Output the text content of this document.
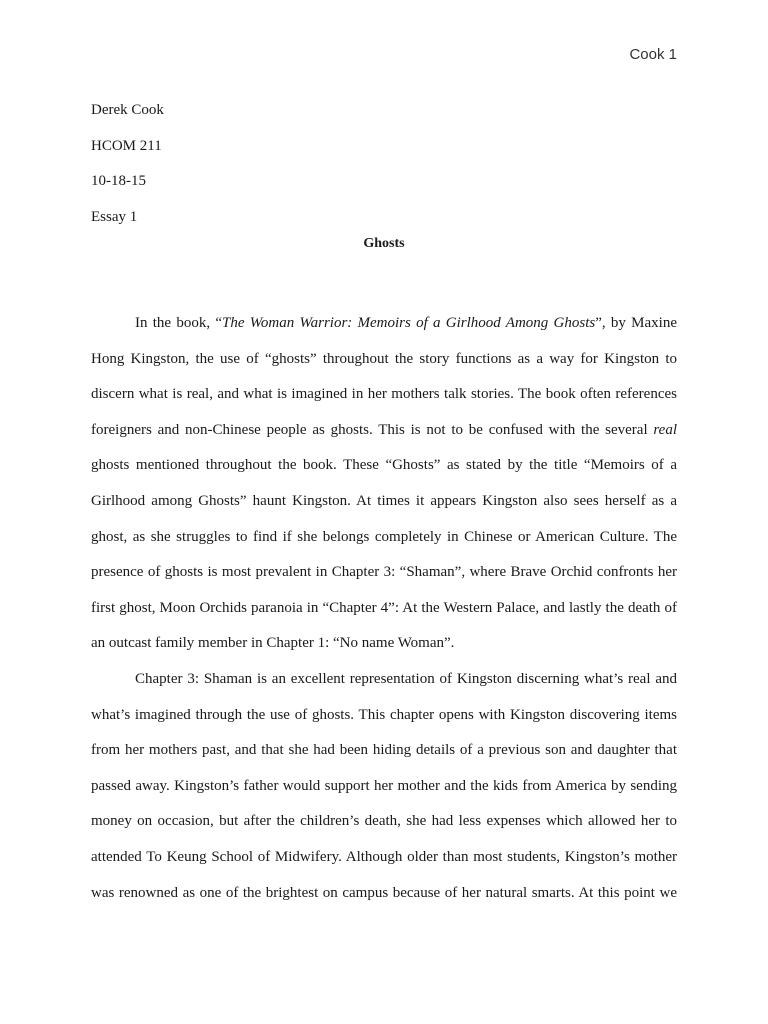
Cook 1
Derek Cook
HCOM 211
10-18-15
Essay 1
Ghosts
In the book, “The Woman Warrior: Memoirs of a Girlhood Among Ghosts”, by Maxine
Hong Kingston, the use of “ghosts” throughout the story functions as a way for Kingston to
discern what is real, and what is imagined in her mothers talk stories. The book often references
foreigners and non-Chinese people as ghosts. This is not to be confused with the several real
ghosts mentioned throughout the book. These “Ghosts” as stated by the title “Memoirs of a
Girlhood among Ghosts” haunt Kingston. At times it appears Kingston also sees herself as a
ghost, as she struggles to find if she belongs completely in Chinese or American Culture. The
presence of ghosts is most prevalent in Chapter 3: “Shaman”, where Brave Orchid confronts her
first ghost, Moon Orchids paranoia in “Chapter 4”: At the Western Palace, and lastly the death of
an outcast family member in Chapter 1: “No name Woman”.
Chapter 3: Shaman is an excellent representation of Kingston discerning what’s real and
what’s imagined through the use of ghosts. This chapter opens with Kingston discovering items
from her mothers past, and that she had been hiding details of a previous son and daughter that
passed away. Kingston’s father would support her mother and the kids from America by sending
money on occasion, but after the children’s death, she had less expenses which allowed her to
attended To Keung School of Midwifery. Although older than most students, Kingston’s mother
was renowned as one of the brightest on campus because of her natural smarts. At this point we
